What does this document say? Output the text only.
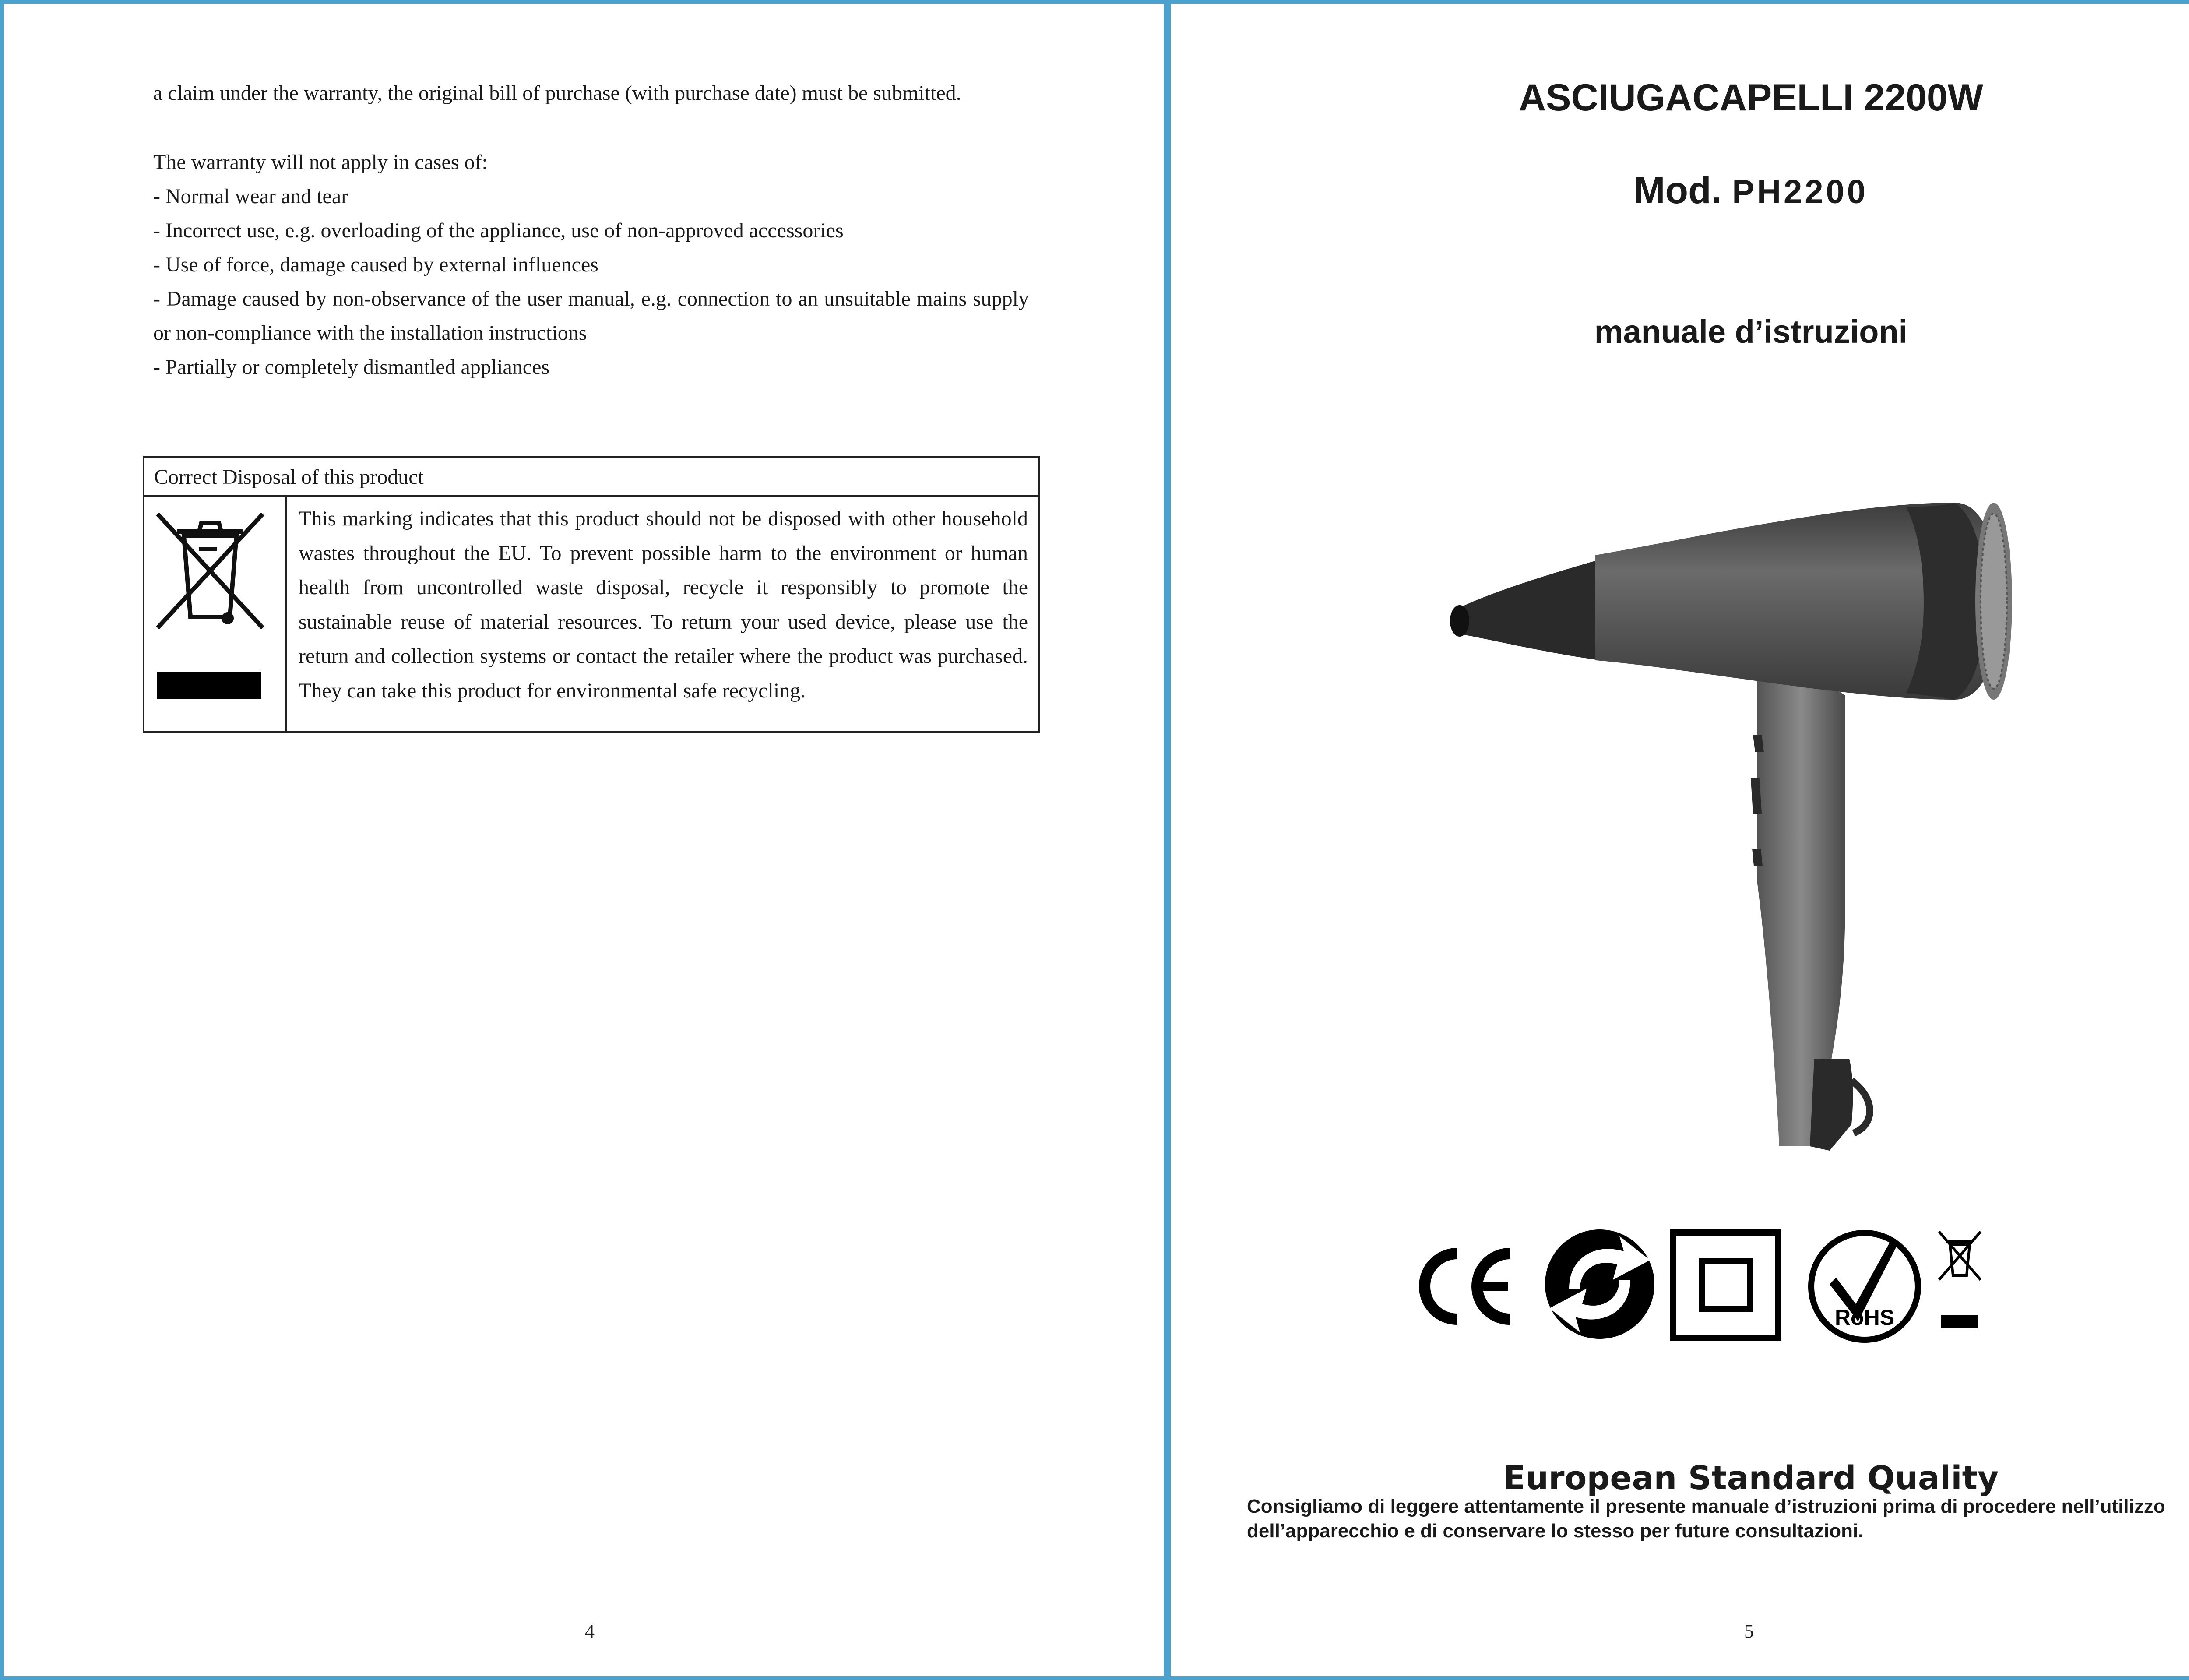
a claim under the warranty, the original bill of purchase (with purchase date) must be submitted.

The warranty will not apply in cases of:

- Normal wear and tear

- Incorrect use, e.g. overloading of the appliance, use of non-approved accessories

- Use of force, damage caused by external influences

- Damage caused by non-observance of the user manual, e.g. connection to an unsuitable mains supply or non-compliance with the installation instructions

- Partially or completely dismantled appliances

Correct Disposal of this product

This marking indicates that this product should not be disposed with other household wastes throughout the EU. To prevent possible harm to the environment or human health from uncontrolled waste disposal, recycle it responsibly to promote the sustainable reuse of material resources. To return your used device, please use the return and collection systems or contact the retailer where the product was purchased. They can take this product for environmental safe recycling.

4

ASCIUGACAPELLI 2200W

Mod. PH2200

manuale d’istruzioni

RoHS

European Standard Quality

Consigliamo di leggere attentamente il presente manuale d’istruzioni prima di procedere nell’utilizzo dell’apparecchio e di conservare lo stesso per future consultazioni.

5
